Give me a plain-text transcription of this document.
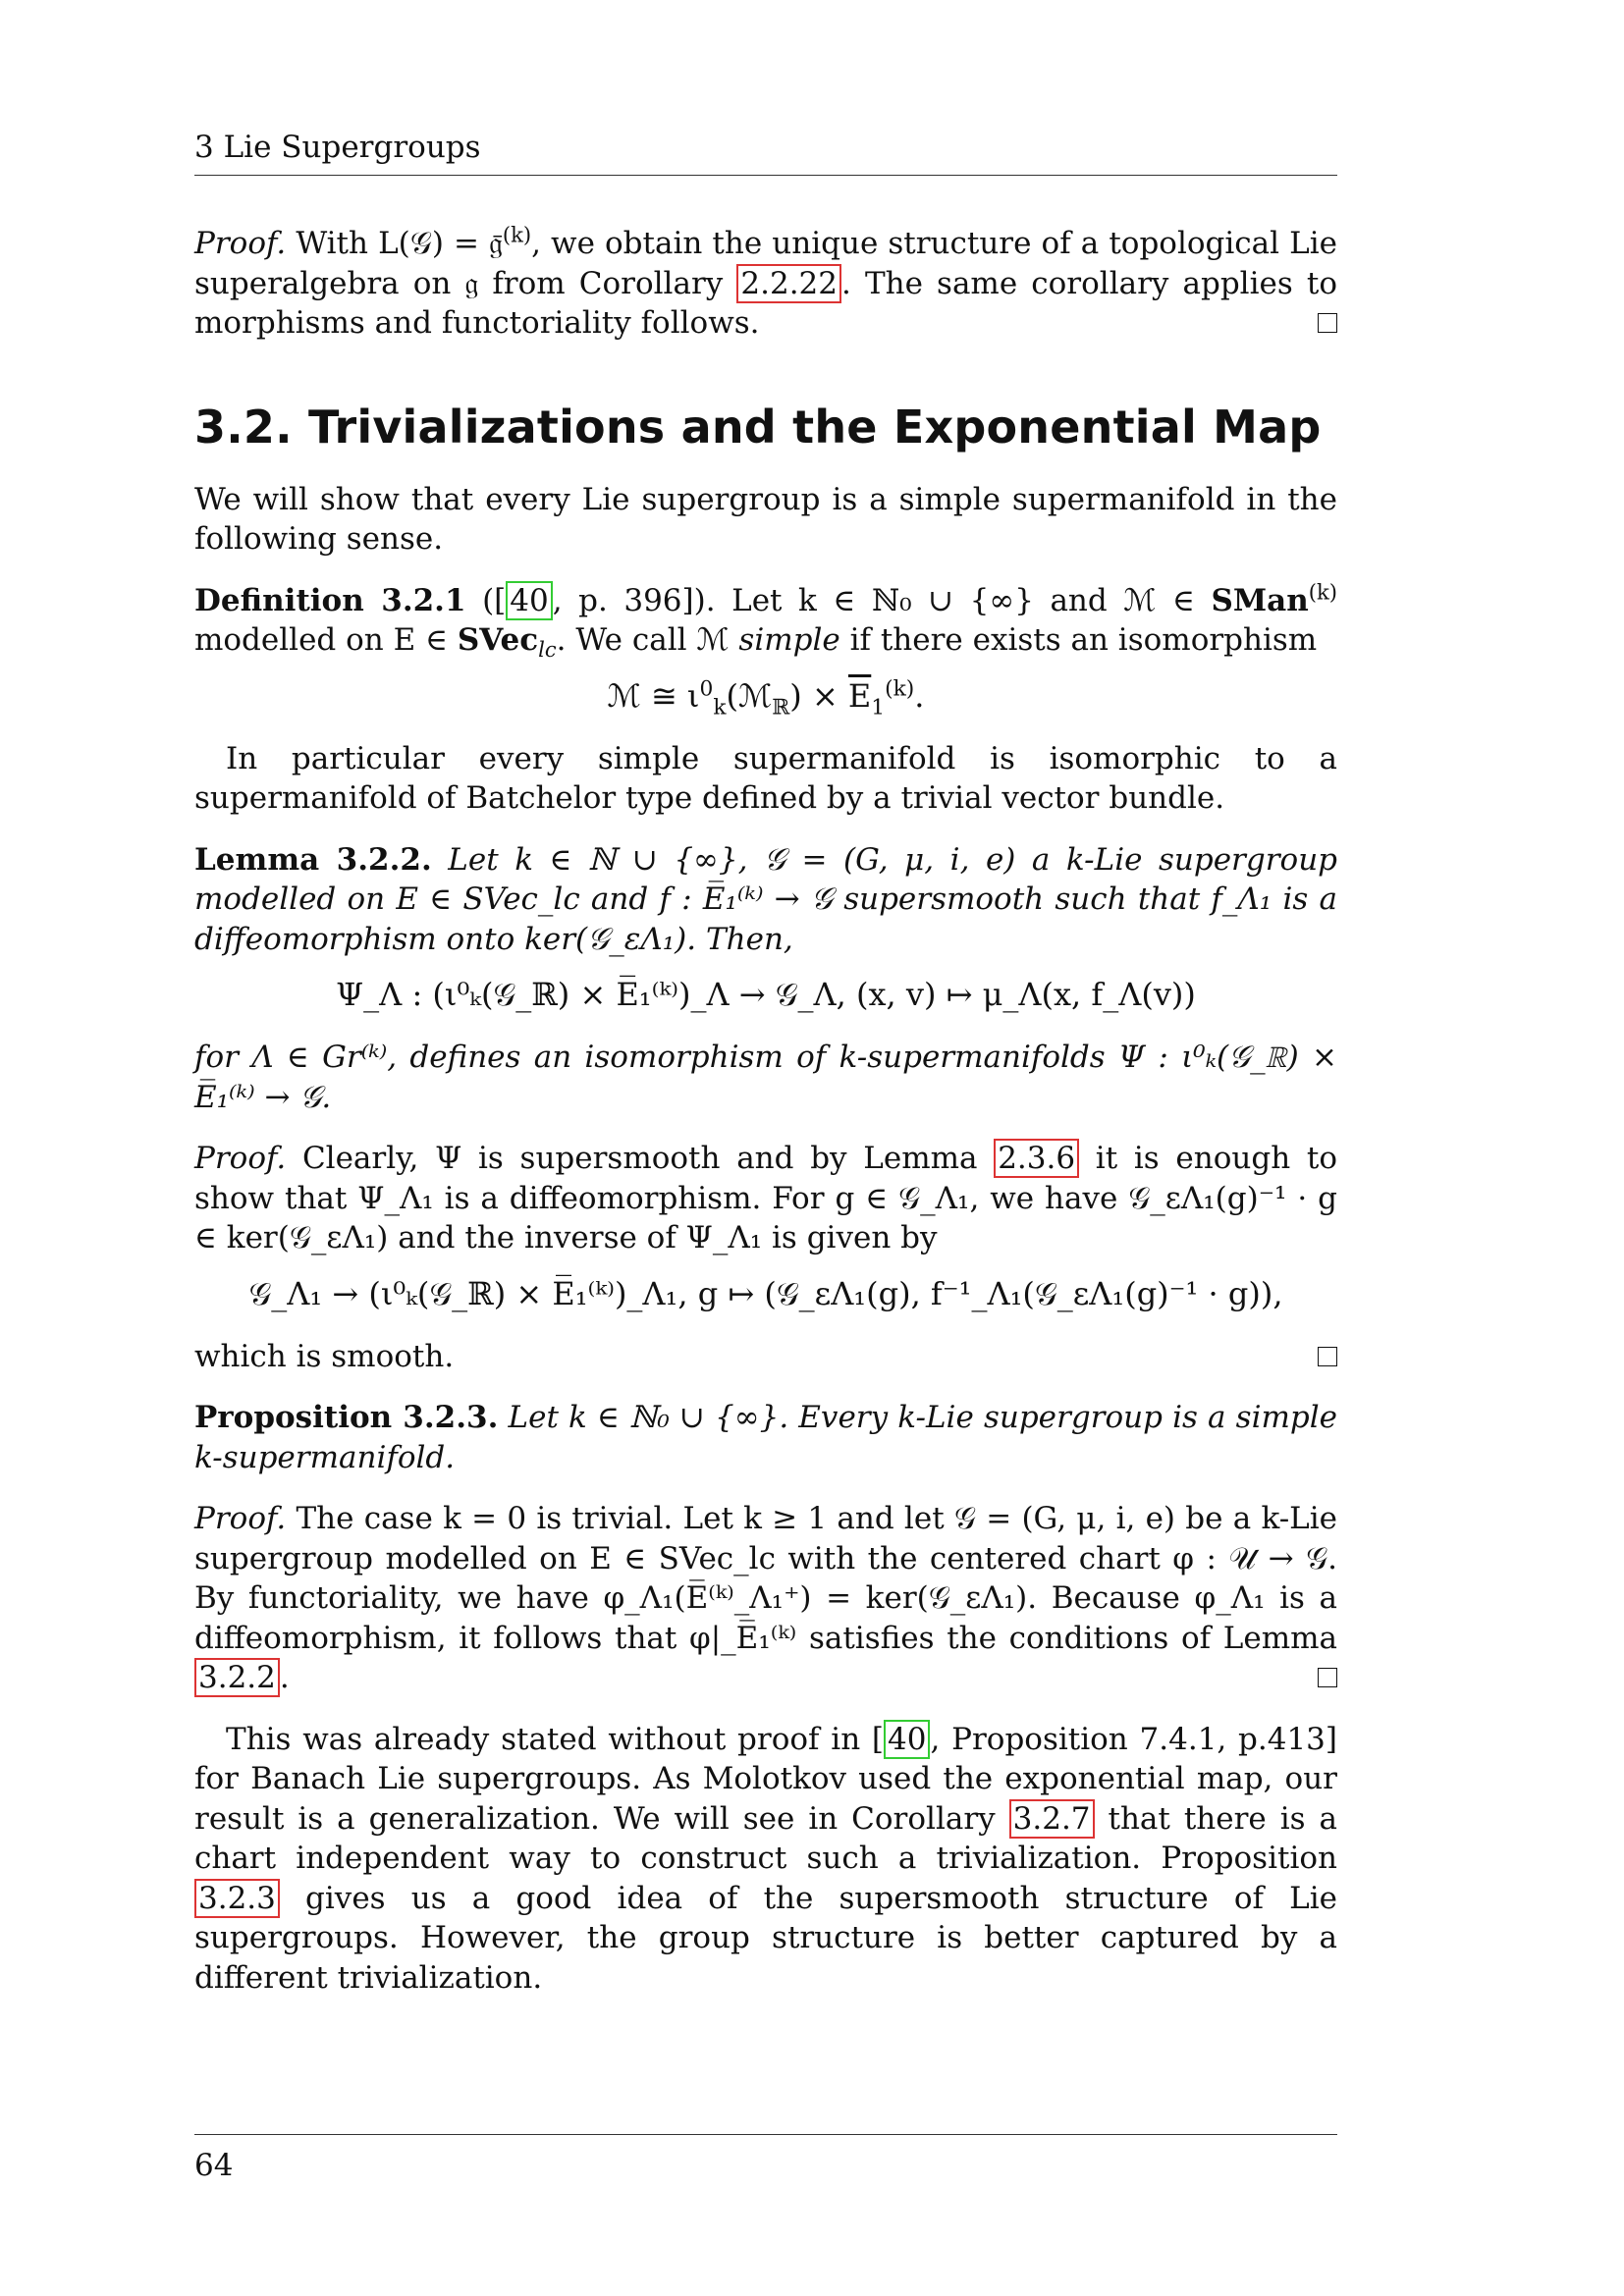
3 Lie Supergroups

Proof. With L(𝒢) = 𝔤̄$^{(k)}$, we obtain the unique structure of a topological Lie superalgebra on 𝔤 from Corollary 2.2.22 . The same corollary applies to morphisms and functoriality follows.

3.2. Trivializations and the Exponential Map

We will show that every Lie supergroup is a simple supermanifold in the following sense.

Definition 3.2.1 ([ 40 , p. 396]). Let k ∈ ℕ₀ ∪ {∞} and ℳ ∈ SMan$^{(k)}$ modelled on E ∈ SVec$_{lc}$. We call ℳ simple if there exists an isomorphism

ℳ ≅ $\iota^0_k(ℳ_ℝ) \times \overline{E}_1^{(k)}$.

In particular every simple supermanifold is isomorphic to a supermanifold of Batchelor type defined by a trivial vector bundle.

Lemma 3.2.2. Let k ∈ ℕ ∪ {∞}, 𝒢 = (G, μ, i, e) a k-Lie supergroup modelled on E ∈ SVec_lc and f : E̅₁⁽ᵏ⁾ → 𝒢 supersmooth such that f_Λ₁ is a diffeomorphism onto ker(𝒢_εΛ₁). Then,

Ψ_Λ : (ι⁰ₖ(𝒢_ℝ) × E̅₁⁽ᵏ⁾)_Λ → 𝒢_Λ, (x, v) ↦ μ_Λ(x, f_Λ(v))

for Λ ∈ Gr⁽ᵏ⁾, defines an isomorphism of k-supermanifolds Ψ : ι⁰ₖ(𝒢_ℝ) × E̅₁⁽ᵏ⁾ → 𝒢.

Proof. Clearly, Ψ is supersmooth and by Lemma 2.3.6 it is enough to show that Ψ_Λ₁ is a diffeomorphism. For g ∈ 𝒢_Λ₁, we have 𝒢_εΛ₁(g)⁻¹ · g ∈ ker(𝒢_εΛ₁) and the inverse of Ψ_Λ₁ is given by

𝒢_Λ₁ → (ι⁰ₖ(𝒢_ℝ) × E̅₁⁽ᵏ⁾)_Λ₁, g ↦ (𝒢_εΛ₁(g), f⁻¹_Λ₁(𝒢_εΛ₁(g)⁻¹ · g)),

which is smooth.

Proposition 3.2.3. Let k ∈ ℕ₀ ∪ {∞}. Every k-Lie supergroup is a simple k-supermanifold.

Proof. The case k = 0 is trivial. Let k ≥ 1 and let 𝒢 = (G, μ, i, e) be a k-Lie supergroup modelled on E ∈ SVec_lc with the centered chart φ : 𝒰 → 𝒢. By functoriality, we have φ_Λ₁(E̅⁽ᵏ⁾_Λ₁⁺) = ker(𝒢_εΛ₁). Because φ_Λ₁ is a diffeomorphism, it follows that φ|_E̅₁⁽ᵏ⁾ satisfies the conditions of Lemma 3.2.2 .

This was already stated without proof in [ 40 , Proposition 7.4.1, p.413] for Banach Lie supergroups. As Molotkov used the exponential map, our result is a generalization. We will see in Corollary 3.2.7 that there is a chart independent way to construct such a trivialization. Proposition 3.2.3 gives us a good idea of the supersmooth structure of Lie supergroups. However, the group structure is better captured by a different trivialization.

64
